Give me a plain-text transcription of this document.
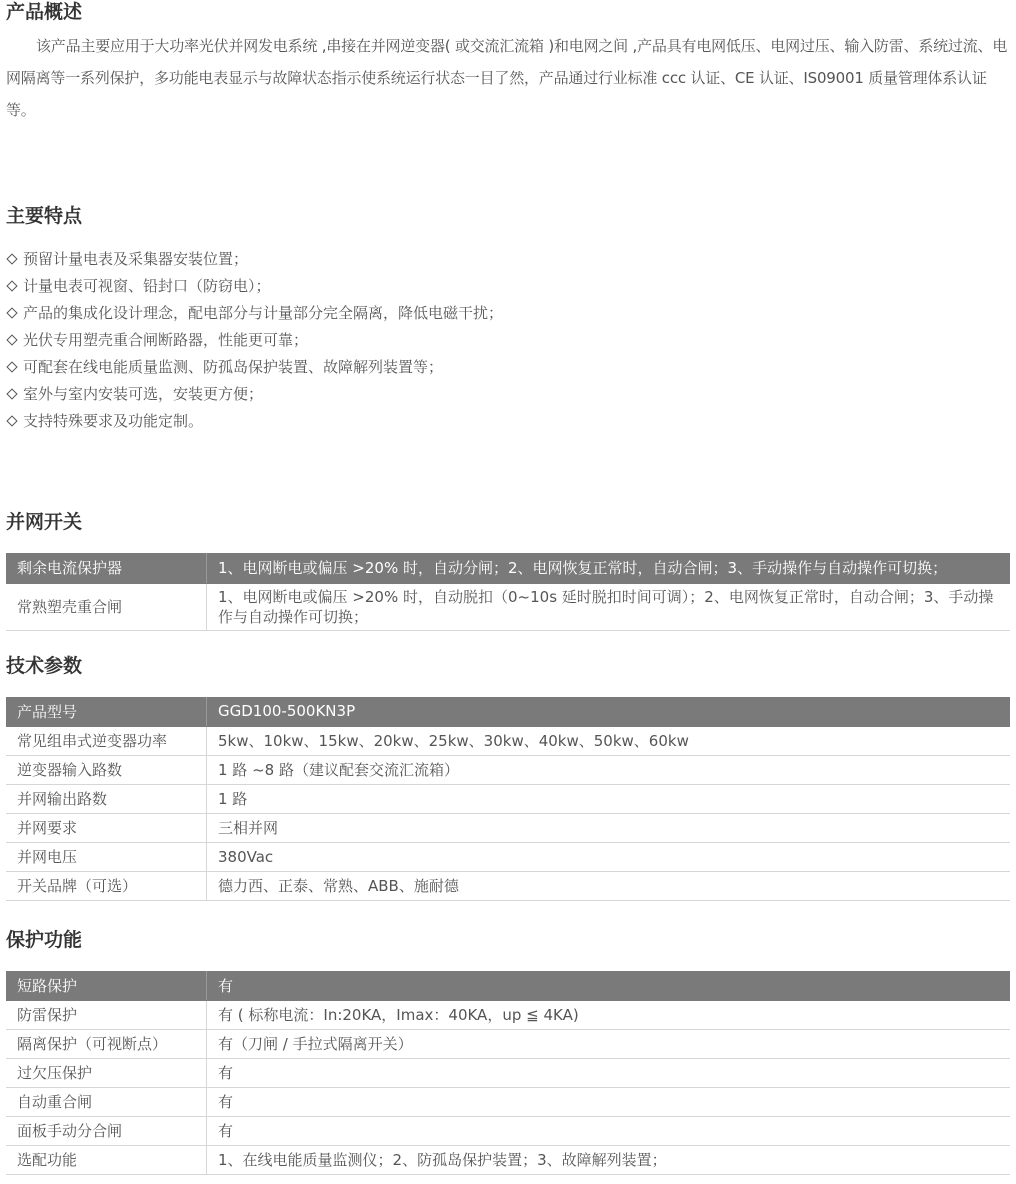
产品概述

该产品主要应用于大功率光伏并网发电系统 ,串接在并网逆变器( 或交流汇流箱 )和电网之间 ,产品具有电网低压、电网过压、输入防雷、系统过流、电网隔离等一系列保护，多功能电表显示与故障状态指示使系统运行状态一目了然，产品通过行业标准 ccc 认证、CE 认证、IS09001 质量管理体系认证等。

主要特点
预留计量电表及采集器安装位置；
计量电表可视窗、铅封口（防窃电）；
产品的集成化设计理念，配电部分与计量部分完全隔离，降低电磁干扰；
光伏专用塑壳重合闸断路器，性能更可靠；
可配套在线电能质量监测、防孤岛保护装置、故障解列装置等；
室外与室内安装可选，安装更方便；
支持特殊要求及功能定制。
并网开关
剩余电流保护器	1、电网断电或偏压 >20% 时，自动分闸；2、电网恢复正常时，自动合闸；3、手动操作与自动操作可切换；
常熟塑壳重合闸	1、电网断电或偏压 >20% 时，自动脱扣（0~10s 延时脱扣时间可调）；2、电网恢复正常时，自动合闸；3、手动操作与自动操作可切换；
技术参数
产品型号	GGD100-500KN3P
常见组串式逆变器功率	5kw、10kw、15kw、20kw、25kw、30kw、40kw、50kw、60kw
逆变器输入路数	1 路 ~8 路（建议配套交流汇流箱）
并网输出路数	1 路
并网要求	三相并网
并网电压	380Vac
开关品牌（可选）	德力西、正泰、常熟、ABB、施耐德
保护功能
短路保护	有
防雷保护	有 ( 标称电流：In:20KA，Imax：40KA，up ≦ 4KA)
隔离保护（可视断点）	有（刀闸 / 手拉式隔离开关）
过欠压保护	有
自动重合闸	有
面板手动分合闸	有
选配功能	1、在线电能质量监测仪；2、防孤岛保护装置；3、故障解列装置；
